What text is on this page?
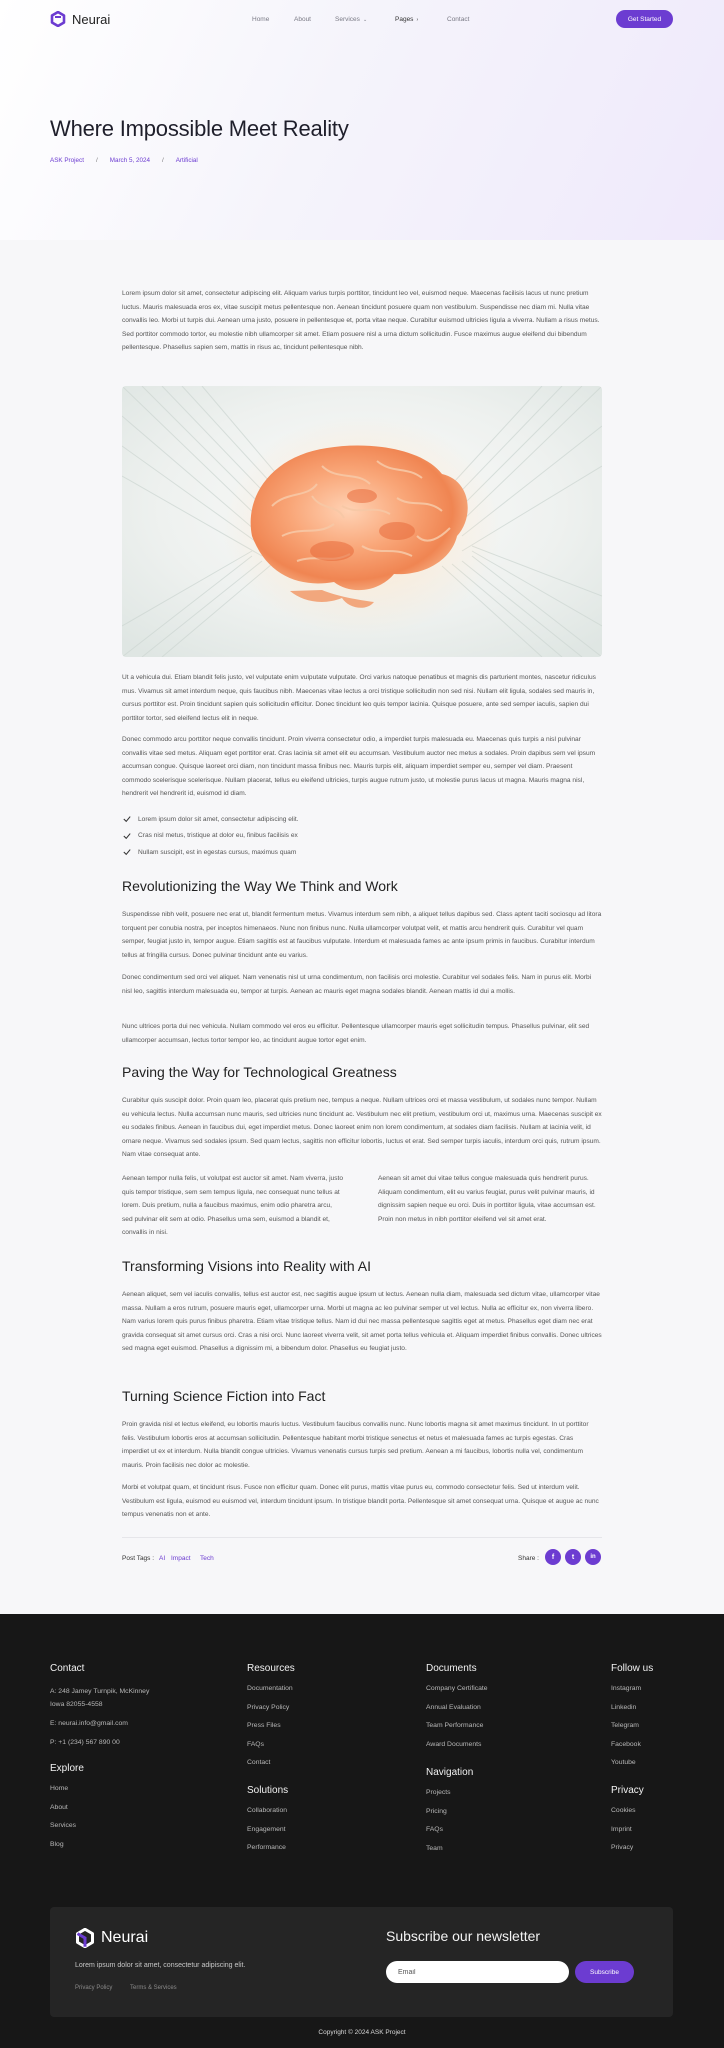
Neurai	Home	About	Services ⌄	Pages ›	Contact	Get Started
Where Impossible Meet Reality
ASK Project / March 5, 2024 / Artificial

Lorem ipsum dolor sit amet, consectetur adipiscing elit. Aliquam varius turpis porttitor, tincidunt leo vel, euismod neque. Maecenas facilisis lacus ut nunc pretium luctus. Mauris malesuada eros ex, vitae suscipit metus pellentesque non. Aenean tincidunt posuere quam non vestibulum. Suspendisse nec diam mi. Nulla vitae convallis leo. Morbi ut turpis dui. Aenean urna justo, posuere in pellentesque et, porta vitae neque. Curabitur euismod ultricies ligula a viverra. Nullam a risus metus. Sed porttitor commodo tortor, eu molestie nibh ullamcorper sit amet. Etiam posuere nisl a urna dictum sollicitudin. Fusce maximus augue eleifend dui bibendum pellentesque. Phasellus sapien sem, mattis in risus ac, tincidunt pellentesque nibh.

Ut a vehicula dui. Etiam blandit felis justo, vel vulputate enim vulputate vulputate. Orci varius natoque penatibus et magnis dis parturient montes, nascetur ridiculus mus. Vivamus sit amet interdum neque, quis faucibus nibh. Maecenas vitae lectus a orci tristique sollicitudin non sed nisi. Nullam elit ligula, sodales sed mauris in, cursus porttitor est. Proin tincidunt sapien quis sollicitudin efficitur. Donec tincidunt leo quis tempor lacinia. Quisque posuere, ante sed semper iaculis, sapien dui porttitor tortor, sed eleifend lectus elit in neque.

Donec commodo arcu porttitor neque convallis tincidunt. Proin viverra consectetur odio, a imperdiet turpis malesuada eu. Maecenas quis turpis a nisl pulvinar convallis vitae sed metus. Aliquam eget porttitor erat. Cras lacinia sit amet elit eu accumsan. Vestibulum auctor nec metus a sodales. Proin dapibus sem vel ipsum accumsan congue. Quisque laoreet orci diam, non tincidunt massa finibus nec. Mauris turpis elit, aliquam imperdiet semper eu, semper vel diam. Praesent commodo scelerisque scelerisque. Nullam placerat, tellus eu eleifend ultricies, turpis augue rutrum justo, ut molestie purus lacus ut magna. Mauris magna nisl, hendrerit vel hendrerit id, euismod id diam.

Lorem ipsum dolor sit amet, consectetur adipiscing elit.
Cras nisl metus, tristique at dolor eu, finibus facilisis ex
Nullam suscipit, est in egestas cursus, maximus quam
Revolutionizing the Way We Think and Work

Suspendisse nibh velit, posuere nec erat ut, blandit fermentum metus. Vivamus interdum sem nibh, a aliquet tellus dapibus sed. Class aptent taciti sociosqu ad litora torquent per conubia nostra, per inceptos himenaeos. Nunc non finibus nunc. Nulla ullamcorper volutpat velit, et mattis arcu hendrerit quis. Curabitur vel quam semper, feugiat justo in, tempor augue. Etiam sagittis est at faucibus vulputate. Interdum et malesuada fames ac ante ipsum primis in faucibus. Curabitur interdum tellus at fringilla cursus. Donec pulvinar tincidunt ante eu varius.

Donec condimentum sed orci vel aliquet. Nam venenatis nisl ut urna condimentum, non facilisis orci molestie. Curabitur vel sodales felis. Nam in purus elit. Morbi nisl leo, sagittis interdum malesuada eu, tempor at turpis. Aenean ac mauris eget magna sodales blandit. Aenean mattis id dui a mollis.

Nunc ultrices porta dui nec vehicula. Nullam commodo vel eros eu efficitur. Pellentesque ullamcorper mauris eget sollicitudin tempus. Phasellus pulvinar, elit sed ullamcorper accumsan, lectus tortor tempor leo, ac tincidunt augue tortor eget enim.

Paving the Way for Technological Greatness

Curabitur quis suscipit dolor. Proin quam leo, placerat quis pretium nec, tempus a neque. Nullam ultrices orci et massa vestibulum, ut sodales nunc tempor. Nullam eu vehicula lectus. Nulla accumsan nunc mauris, sed ultricies nunc tincidunt ac. Vestibulum nec elit pretium, vestibulum orci ut, maximus urna. Maecenas suscipit ex eu sodales finibus. Aenean in faucibus dui, eget imperdiet metus. Donec laoreet enim non lorem condimentum, at sodales diam facilisis. Nullam at lacinia velit, id ornare neque. Vivamus sed sodales ipsum. Sed quam lectus, sagittis non efficitur lobortis, luctus et erat. Sed semper turpis iaculis, interdum orci quis, rutrum ipsum. Nam vitae consequat ante.

Aenean tempor nulla felis, ut volutpat est auctor sit amet. Nam viverra, justo quis tempor tristique, sem sem tempus ligula, nec consequat nunc tellus at lorem. Duis pretium, nulla a faucibus maximus, enim odio pharetra arcu, sed pulvinar elit sem at odio. Phasellus urna sem, euismod a blandit et, convallis in nisi.

Aenean sit amet dui vitae tellus congue malesuada quis hendrerit purus. Aliquam condimentum, elit eu varius feugiat, purus velit pulvinar mauris, id dignissim sapien neque eu orci. Duis in porttitor ligula, vitae accumsan est. Proin non metus in nibh porttitor eleifend vel sit amet erat.

Transforming Visions into Reality with AI

Aenean aliquet, sem vel iaculis convallis, tellus est auctor est, nec sagittis augue ipsum ut lectus. Aenean nulla diam, malesuada sed dictum vitae, ullamcorper vitae massa. Nullam a eros rutrum, posuere mauris eget, ullamcorper urna. Morbi ut magna ac leo pulvinar semper ut vel lectus. Nulla ac efficitur ex, non viverra libero. Nam varius lorem quis purus finibus pharetra. Etiam vitae tristique tellus. Nam id dui nec massa pellentesque sagittis eget at metus. Phasellus eget diam nec erat gravida consequat sit amet cursus orci. Cras a nisi orci. Nunc laoreet viverra velit, sit amet porta tellus vehicula et. Aliquam imperdiet finibus convallis. Donec ultrices sed magna eget euismod. Phasellus a dignissim mi, a bibendum dolor. Phasellus eu feugiat justo.

Turning Science Fiction into Fact

Proin gravida nisl et lectus eleifend, eu lobortis mauris luctus. Vestibulum faucibus convallis nunc. Nunc lobortis magna sit amet maximus tincidunt. In ut porttitor felis. Vestibulum lobortis eros at accumsan sollicitudin. Pellentesque habitant morbi tristique senectus et netus et malesuada fames ac turpis egestas. Cras imperdiet ut ex et interdum. Nulla blandit congue ultricies. Vivamus venenatis cursus turpis sed pretium. Aenean a mi faucibus, lobortis nulla vel, condimentum mauris. Proin facilisis nec dolor ac molestie.

Morbi et volutpat quam, et tincidunt risus. Fusce non efficitur quam. Donec elit purus, mattis vitae purus eu, commodo consectetur felis. Sed ut interdum velit. Vestibulum est ligula, euismod eu euismod vel, interdum tincidunt ipsum. In tristique blandit porta. Pellentesque sit amet consequat urna. Quisque et augue ac nunc tempus venenatis non et ante.

Post Tags : AI Impact Tech	Share :	f	t	in
Contact
A: 248 Jamey Turnpik, McKinney
Iowa 82055-4558
E: neurai.info@gmail.com
P: +1 (234) 567 890 00
Explore
Home
About
Services
Blog
Resources
Documentation
Privacy Policy
Press Files
FAQs
Contact
Solutions
Collaboration
Engagement
Performance
Documents
Company Certificate
Annual Evaluation
Team Performance
Award Documents
Navigation
Projects
Pricing
FAQs
Team
Follow us
Instagram
Linkedin
Telegram
Facebook
Youtube
Privacy
Cookies
Imprint
Privacy
Neurai
Lorem ipsum dolor sit amet, consectetur adipiscing elit.
Privacy Policy	Terms & Services
Subscribe our newsletter
Email
Subscribe
Copyright © 2024 ASK Project
